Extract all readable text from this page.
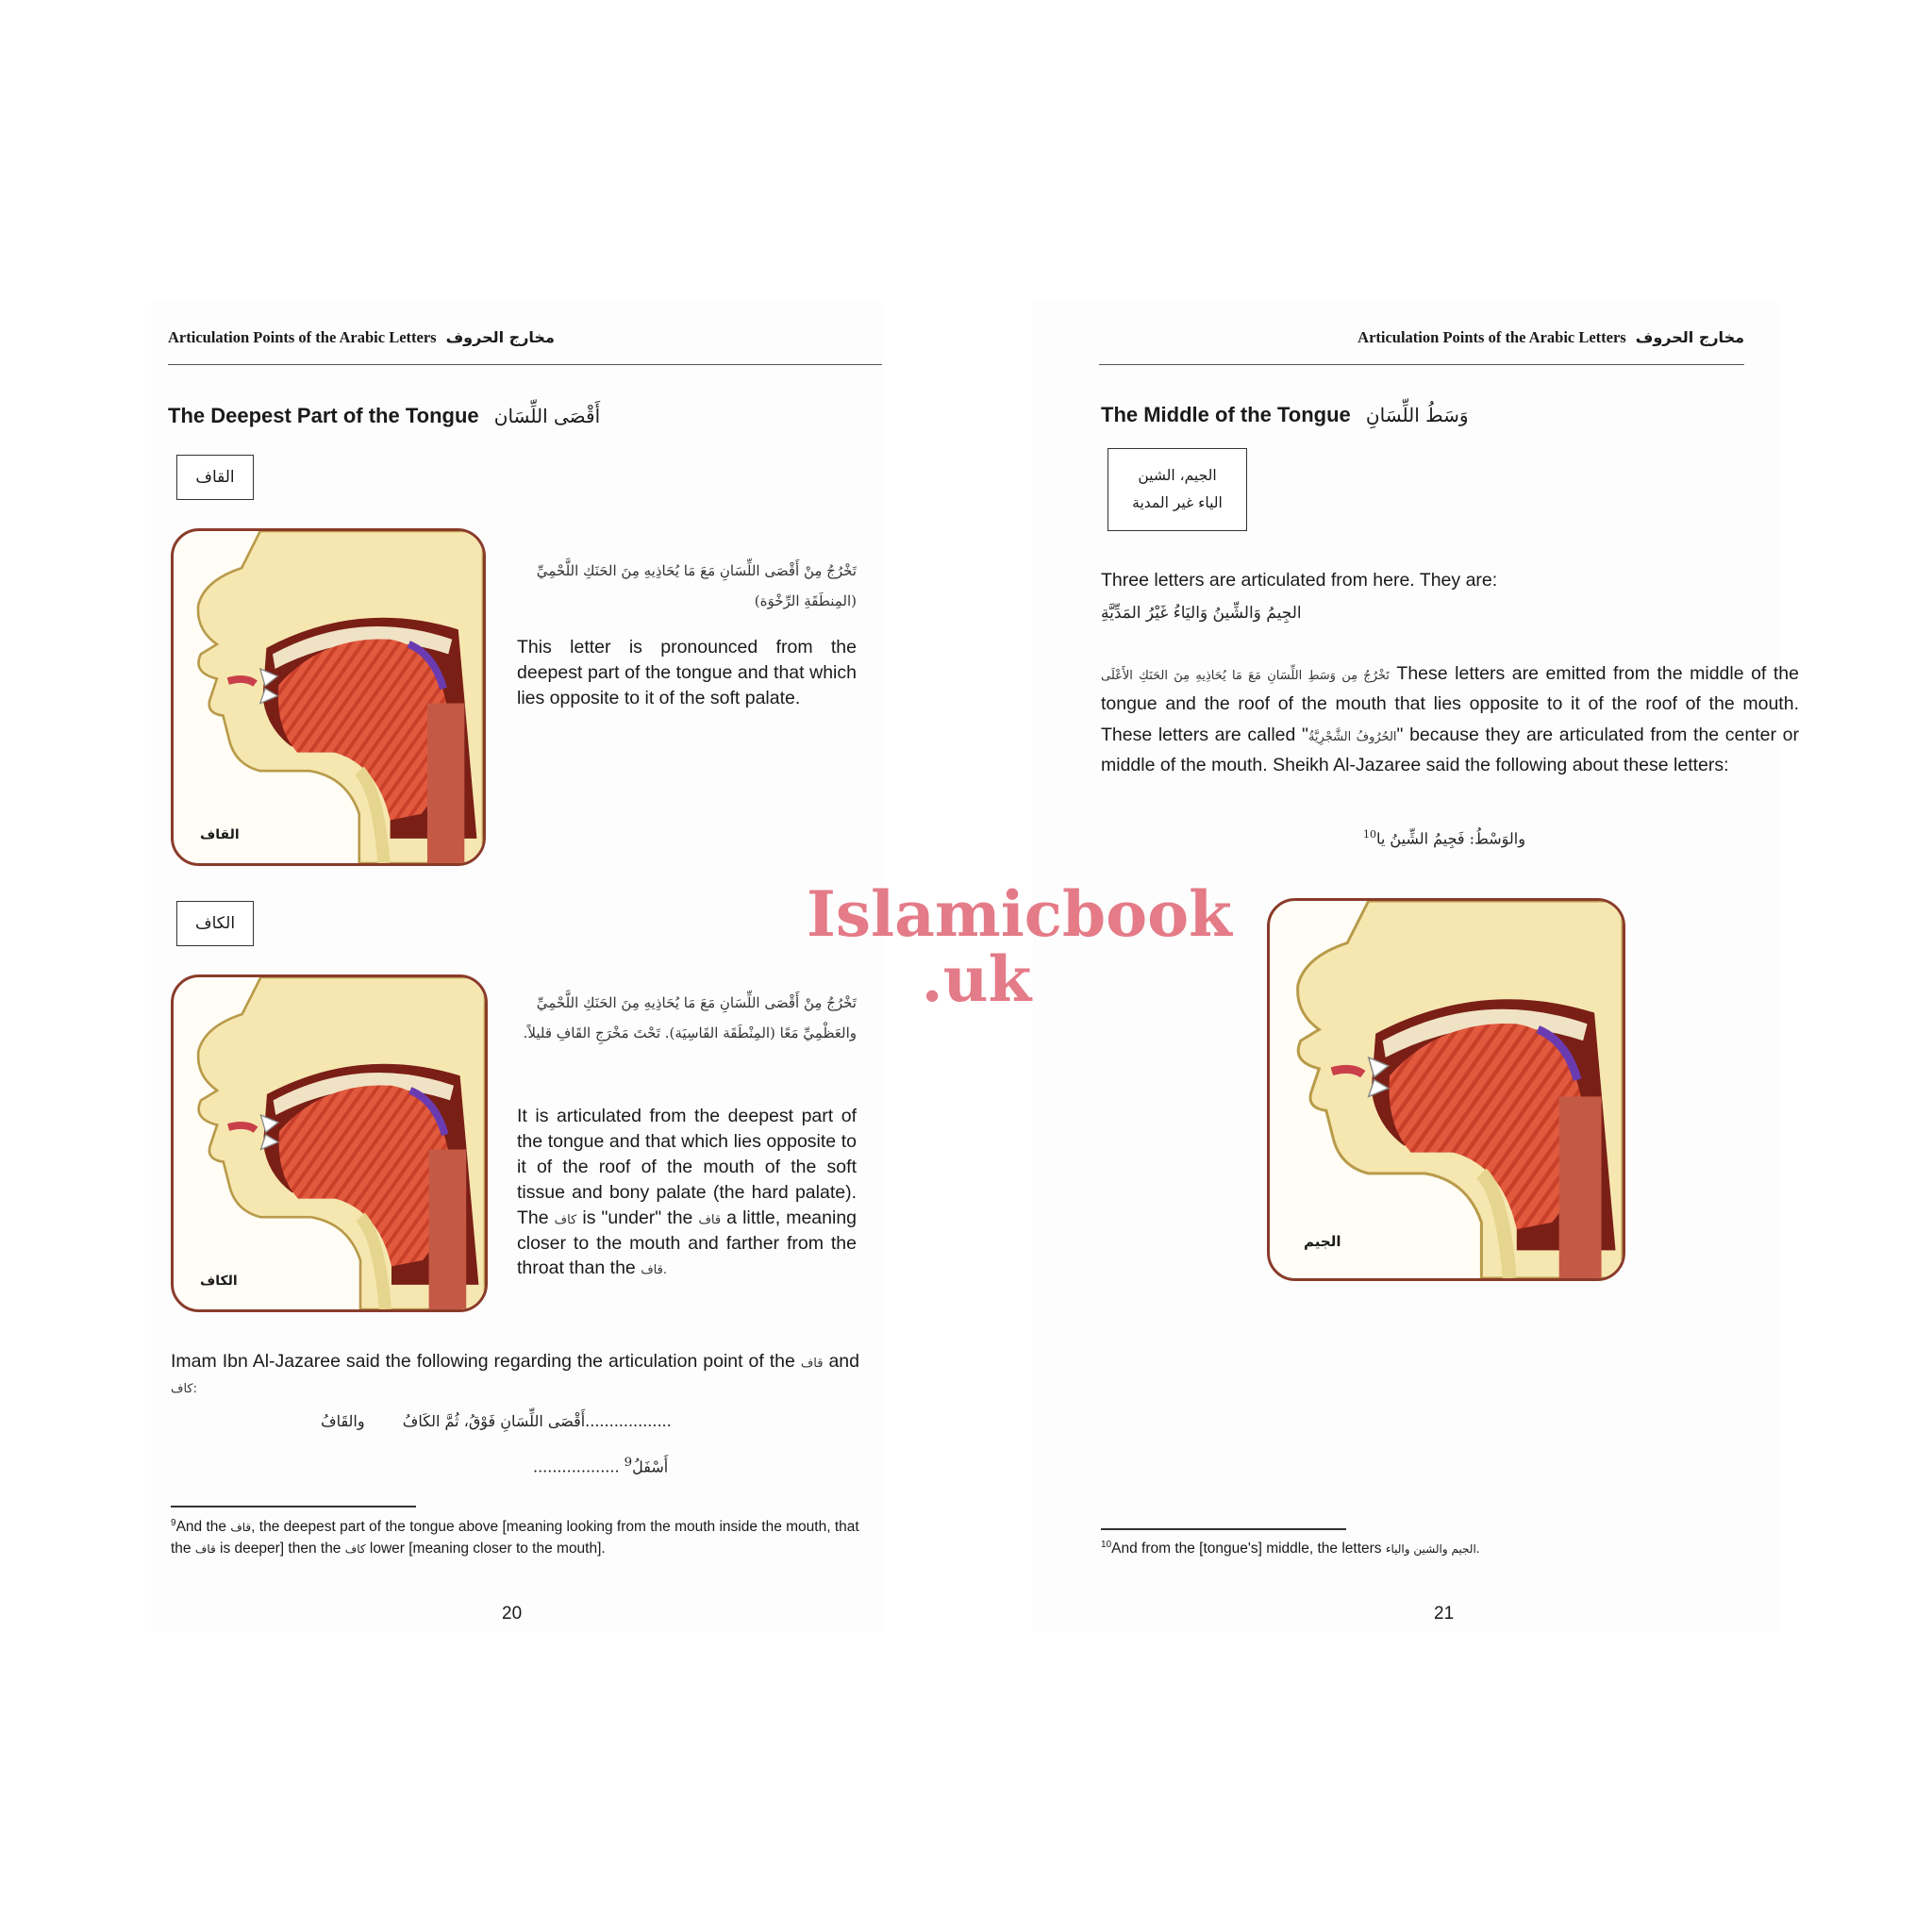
Articulation Points of the Arabic Letters مخارج الحروف
The Deepest Part of the Tongue أَقْصَى اللِّسَان
القاف
القاف
تَخْرُجُ مِنْ أَقْصَى اللِّسَانِ مَعَ مَا يُحَاذِيهِ مِنَ الحَنَكِ اللَّحْمِيِّ (المِنطَقَةِ الرِّخْوَة)
This letter is pronounced from the deepest part of the tongue and that which lies opposite to it of the soft palate.
الكاف
الكاف
تَخْرُجُ مِنْ أَقْصَى اللِّسَانِ مَعَ مَا يُحَاذِيهِ مِنَ الحَنَكِ اللَّحْمِيِّ والعَظْمِيِّ مَعًا (المِنْطَقَة القَاسِيَة). تَحْتَ مَخْرَجِ القَافِ قليلاً.
It is articulated from the deepest part of the tongue and that which lies opposite to it of the roof of the mouth of the soft tissue and bony palate (the hard palate). The كاف is "under" the قاف a little, meaning closer to the mouth and farther from the throat than the قاف.
Imam Ibn Al-Jazaree said the following regarding the articulation point of the قاف and كاف:
أَقْصَى اللِّسَانِ فَوْقُ، ثُمَّ الكَافُ  والقَافُ..................
.................. $^9$أَسْفَلُ
$^9$And the قاف, the deepest part of the tongue above [meaning looking from the mouth inside the mouth, that the قاف is deeper] then the كاف lower [meaning closer to the mouth].
20
Articulation Points of the Arabic Letters مخارج الحروف
The Middle of the Tongue وَسَطُ اللِّسَانِ
الجيم، الشين
الياء غير المدية
Three letters are articulated from here. They are:
الجِيمُ وَالشِّينُ وَاليَاءُ غَيْرُ المَدِّيَّةِ
تَخْرُجُ مِن وَسَطِ اللِّسَانِ مَعَ مَا يُحَاذِيهِ مِنَ الحَنَكِ الأَعْلَى These letters are emitted from the middle of the tongue and the roof of the mouth that lies opposite to it of the roof of the mouth. These letters are called "الحُرُوفُ الشَّجْرِيَّةُ" because they are articulated from the center or middle of the mouth. Sheikh Al-Jazaree said the following about these letters:
$^{10}$والوَسْطُ: فَجِيمُ الشِّينُ يا
الجيم
$^{10}$And from the [tongue's] middle, the letters الجيم والشين والياء.
21
Islamicbook
.uk
